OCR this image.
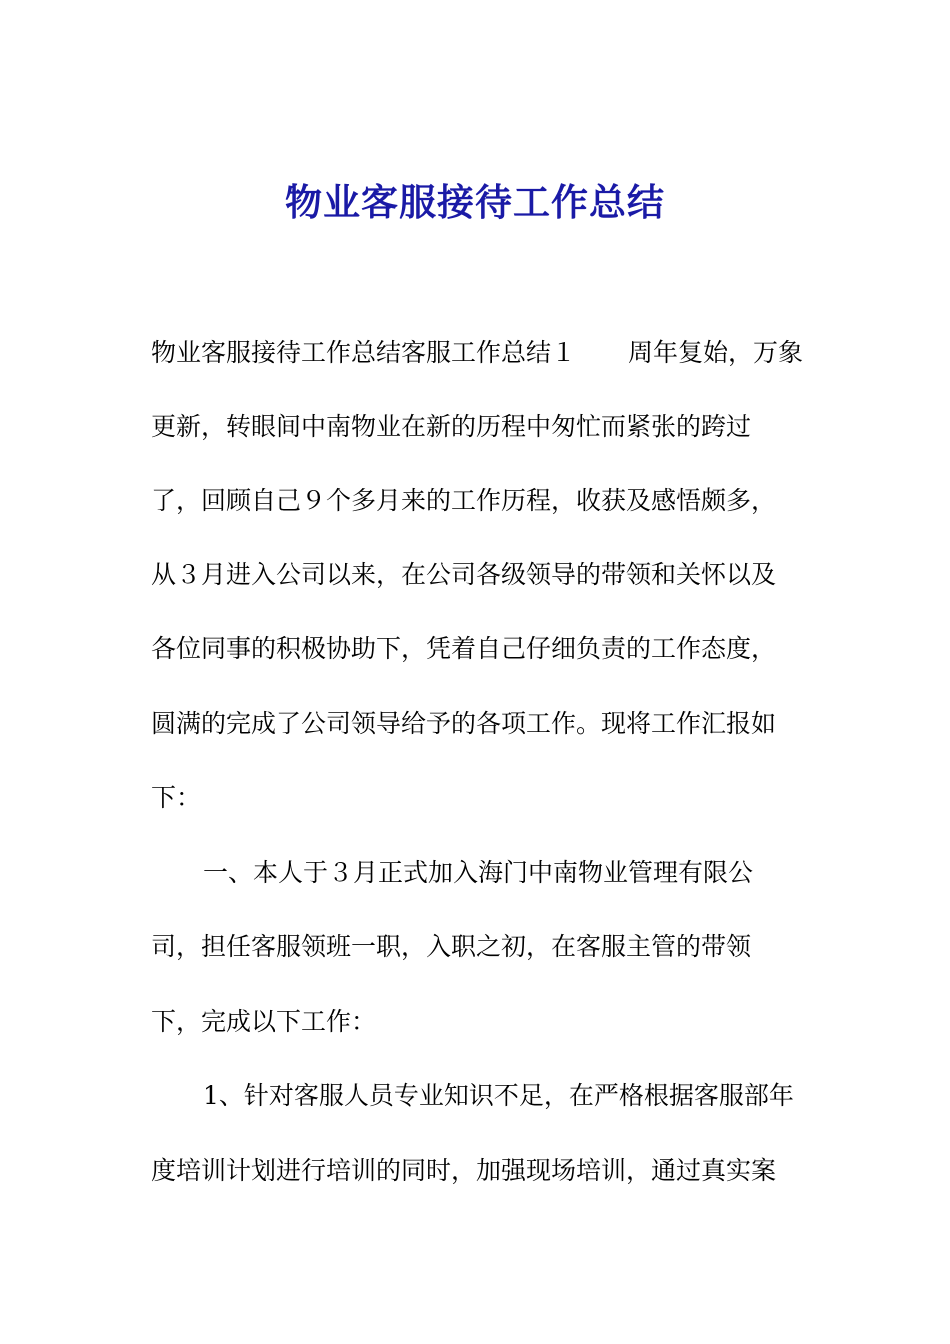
物业客服接待工作总结

物业客服接待工作总结客服工作总结１ 周年复始，万象

更新，转眼间中南物业在新的历程中匆忙而紧张的跨过

了，回顾自己９个多月来的工作历程，收获及感悟颇多，

从３月进入公司以来，在公司各级领导的带领和关怀以及

各位同事的积极协助下，凭着自己仔细负责的工作态度，

圆满的完成了公司领导给予的各项工作。现将工作汇报如

下：

一、本人于３月正式加入海门中南物业管理有限公

司，担任客服领班一职，入职之初，在客服主管的带领

下，完成以下工作：

1、针对客服人员专业知识不足，在严格根据客服部年

度培训计划进行培训的同时，加强现场培训，通过真实案
